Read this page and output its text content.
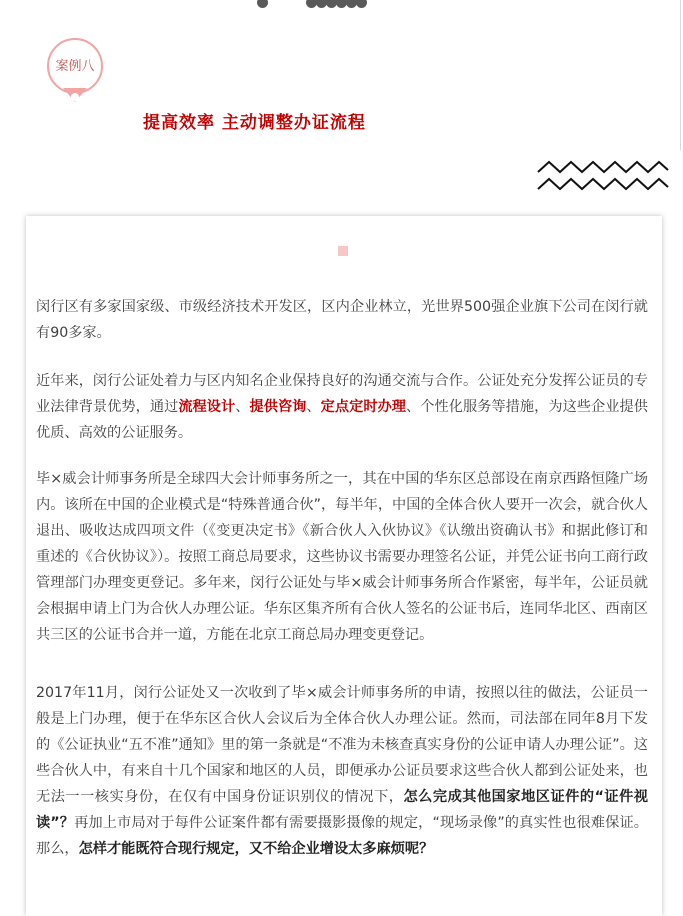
案例八
提高效率 主动调整办证流程

闵行区有多家国家级、市级经济技术开发区，区内企业林立，光世界500强企业旗下公司在闵行就有90多家。

近年来，闵行公证处着力与区内知名企业保持良好的沟通交流与合作。公证处充分发挥公证员的专业法律背景优势，通过流程设计、提供咨询、定点定时办理、个性化服务等措施，为这些企业提供优质、高效的公证服务。

毕×威会计师事务所是全球四大会计师事务所之一，其在中国的华东区总部设在南京西路恒隆广场内。该所在中国的企业模式是“特殊普通合伙”，每半年，中国的全体合伙人要开一次会，就合伙人退出、吸收达成四项文件（《变更决定书》《新合伙人入伙协议》《认缴出资确认书》和据此修订和重述的《合伙协议》）。按照工商总局要求，这些协议书需要办理签名公证，并凭公证书向工商行政管理部门办理变更登记。多年来，闵行公证处与毕×威会计师事务所合作紧密，每半年，公证员就会根据申请上门为合伙人办理公证。华东区集齐所有合伙人签名的公证书后，连同华北区、西南区共三区的公证书合并一道，方能在北京工商总局办理变更登记。

2017年11月，闵行公证处又一次收到了毕×威会计师事务所的申请，按照以往的做法，公证员一般是上门办理，便于在华东区合伙人会议后为全体合伙人办理公证。然而，司法部在同年8月下发的《公证执业“五不准”通知》里的第一条就是“不准为未核查真实身份的公证申请人办理公证”。这些合伙人中，有来自十几个国家和地区的人员，即便承办公证员要求这些合伙人都到公证处来，也无法一一核实身份，在仅有中国身份证识别仪的情况下，怎么完成其他国家地区证件的“证件视读”？再加上市局对于每件公证案件都有需要摄影摄像的规定，“现场录像”的真实性也很难保证。那么，怎样才能既符合现行规定，又不给企业增设太多麻烦呢？
